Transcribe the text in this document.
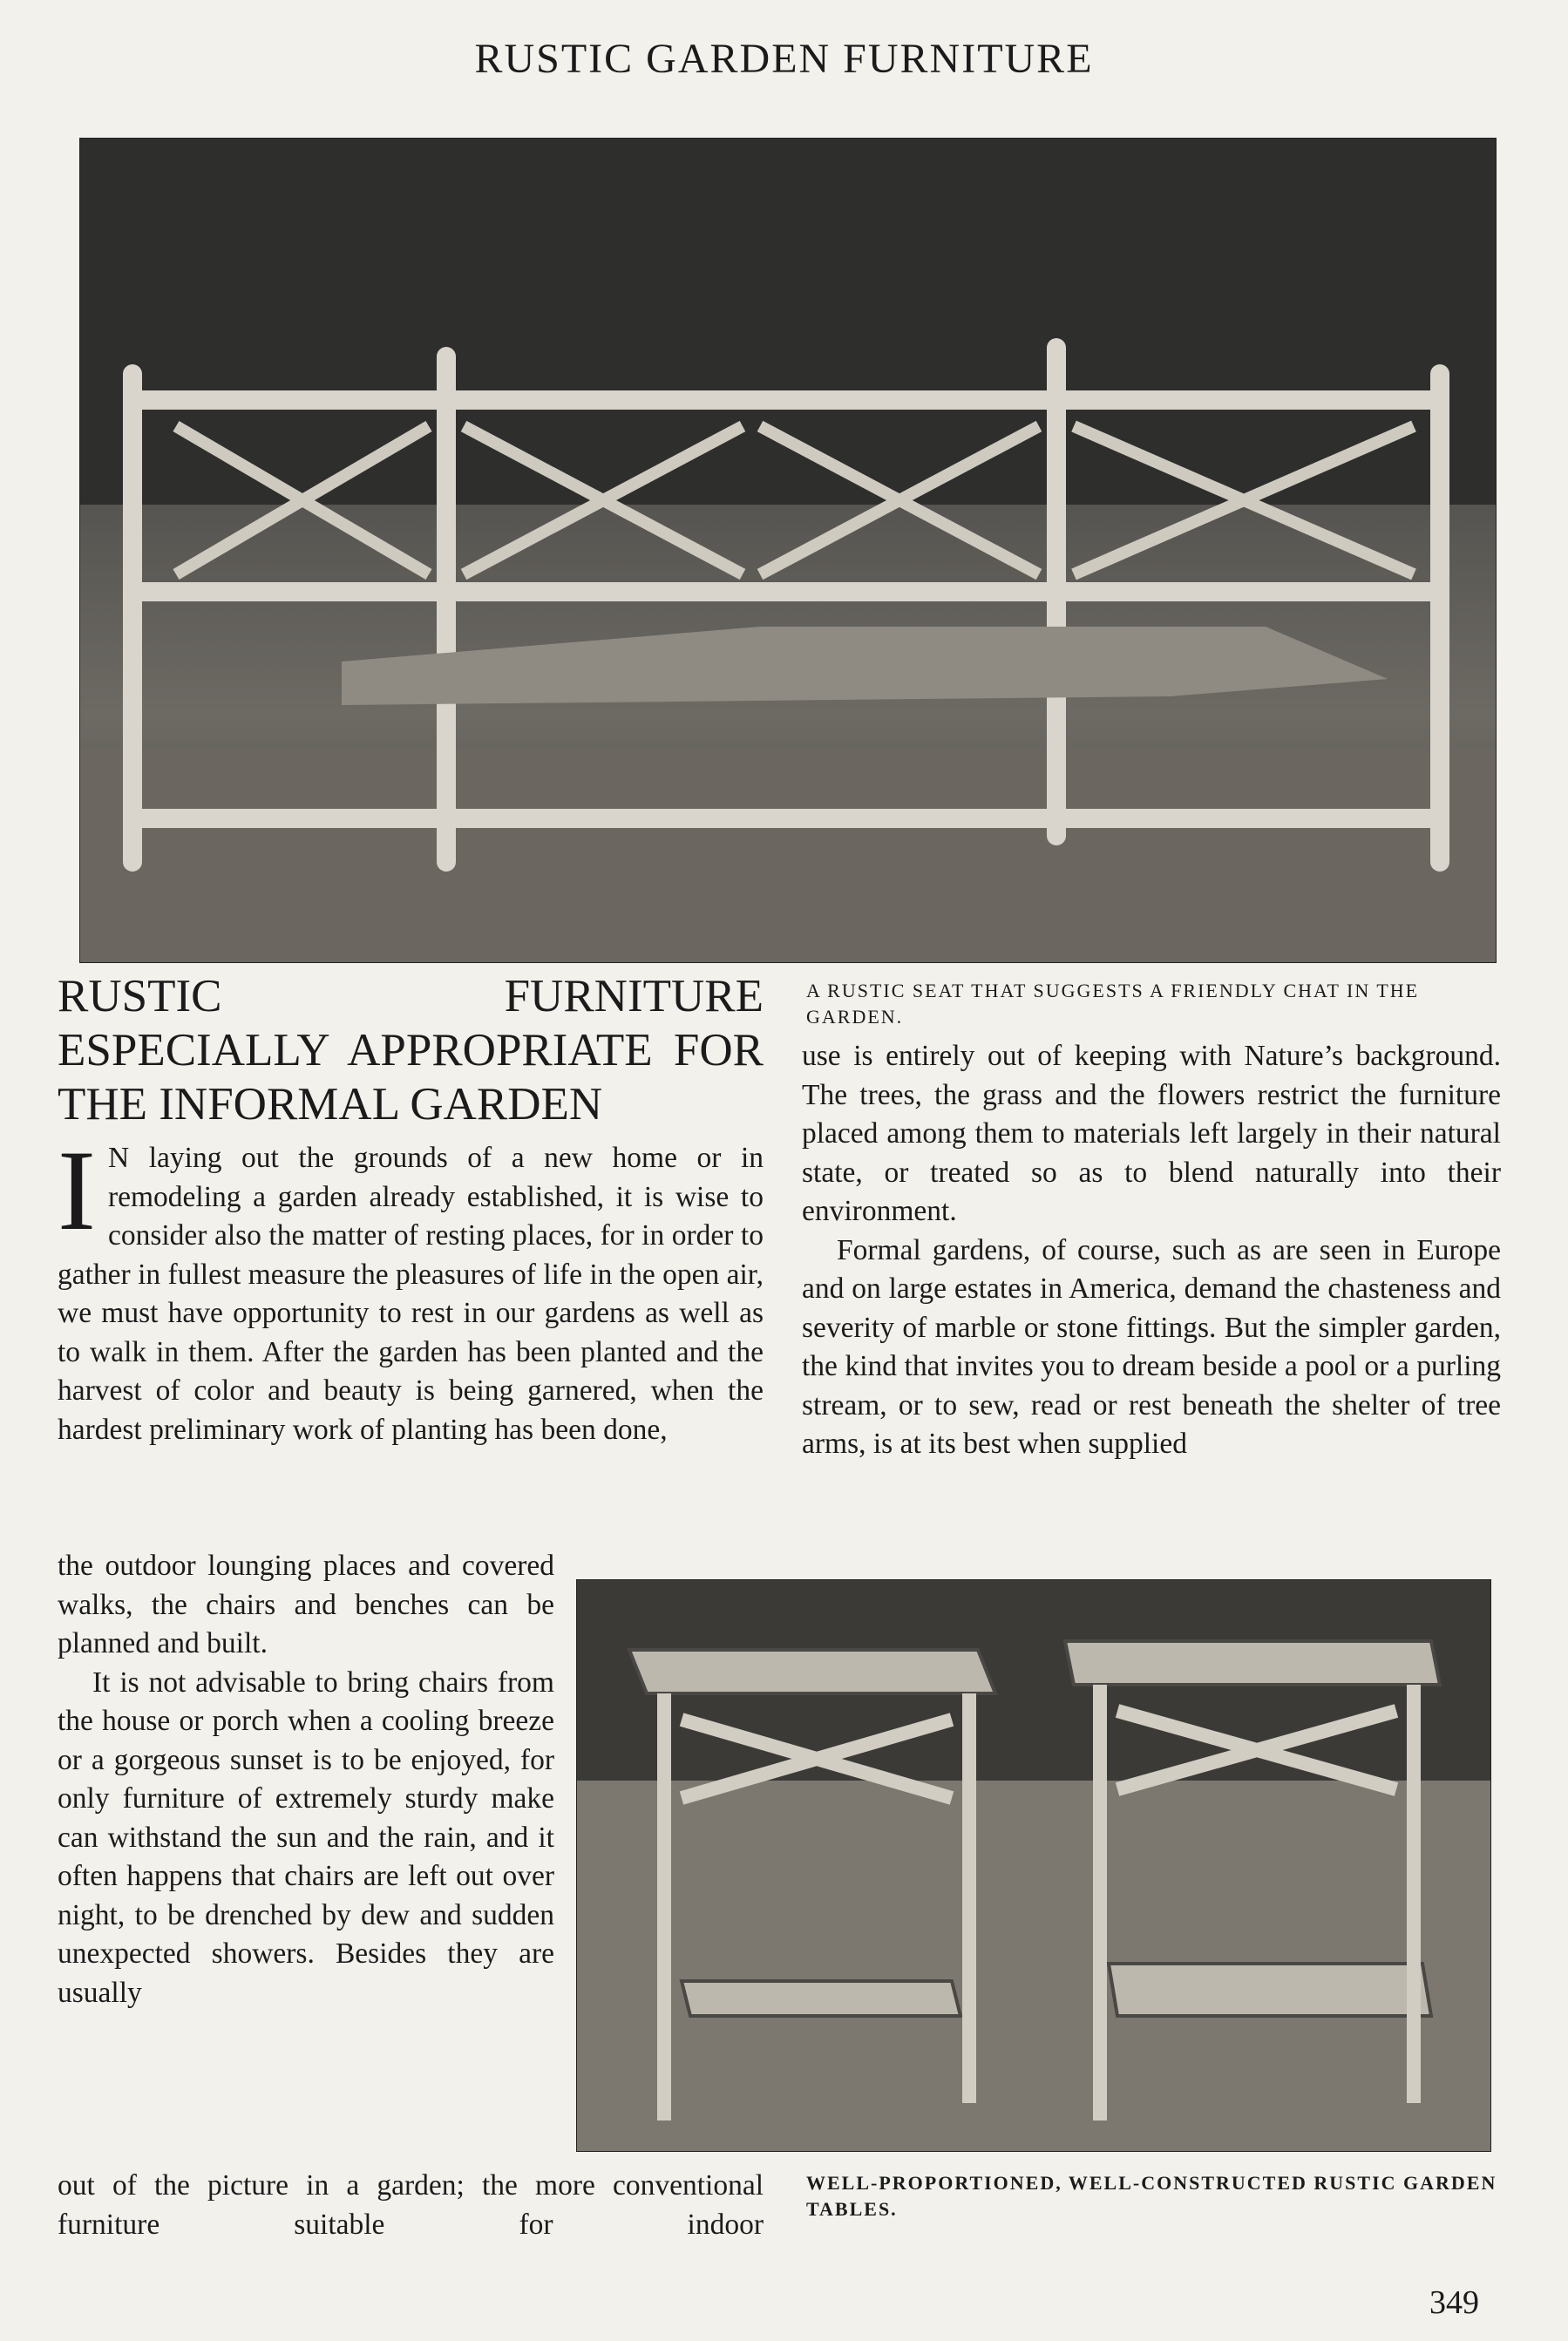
RUSTIC GARDEN FURNITURE
A RUSTIC SEAT THAT SUGGESTS A FRIENDLY CHAT IN THE GARDEN.
RUSTIC FURNITURE ESPECIALLY APPROPRIATE FOR THE INFORMAL GARDEN

I N laying out the grounds of a new home or in remodeling a garden already established, it is wise to consider also the matter of resting places, for in order to gather in fullest measure the pleasures of life in the open air, we must have opportunity to rest in our gardens as well as to walk in them. After the garden has been planted and the harvest of color and beauty is being garnered, when the hardest preliminary work of planting has been done,

the outdoor lounging places and covered walks, the chairs and benches can be planned and built.

It is not advisable to bring chairs from the house or porch when a cooling breeze or a gorgeous sunset is to be enjoyed, for only furniture of extremely sturdy make can withstand the sun and the rain, and it often happens that chairs are left out over night, to be drenched by dew and sudden unexpected showers. Besides they are usually

out of the picture in a garden; the more conventional furniture suitable for indoor

use is entirely out of keeping with Nature’s background. The trees, the grass and the flowers restrict the furniture placed among them to materials left largely in their natural state, or treated so as to blend naturally into their environment.

Formal gardens, of course, such as are seen in Europe and on large estates in America, demand the chasteness and severity of marble or stone fittings. But the simpler garden, the kind that invites you to dream beside a pool or a purling stream, or to sew, read or rest beneath the shelter of tree arms, is at its best when supplied

WELL-PROPORTIONED, WELL-CONSTRUCTED RUSTIC GARDEN TABLES.
349
